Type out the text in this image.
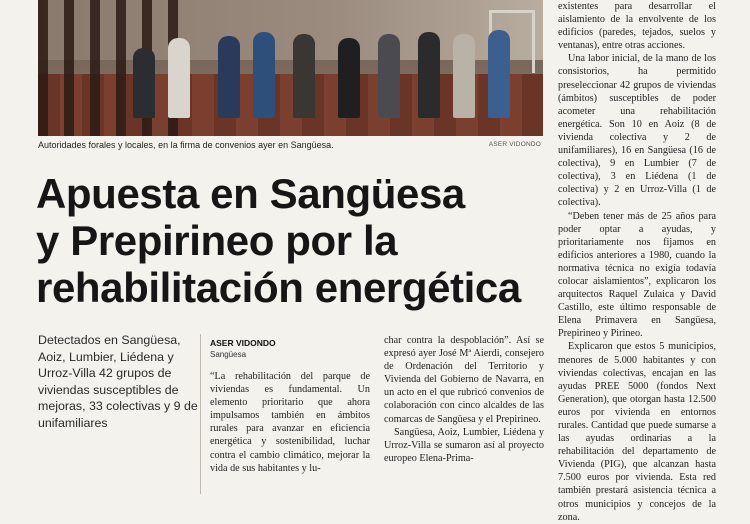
Autoridades forales y locales, en la firma de convenios ayer en Sangüesa.	ASER VIDONDO
Apuesta en Sangüesa
y Prepirineo por la
rehabilitación energética
Detectados en Sangüesa, Aoiz, Lumbier, Liédena y Urroz-Villa 42 grupos de viviendas susceptibles de mejoras, 33 colectivas y 9 de unifamiliares
ASER VIDONDO
Sangüesa

“La rehabilitación del parque de viviendas es fundamental. Un elemento prioritario que ahora impulsamos también en ámbitos rurales para avanzar en eficiencia energética y sostenibilidad, luchar contra el cambio climático, mejorar la vida de sus habitantes y lu-

char contra la despoblación”. Así se expresó ayer José Mª Aierdi, consejero de Ordenación del Territorio y Vivienda del Gobierno de Navarra, en un acto en el que rubricó convenios de colaboración con cinco alcaldes de las comarcas de Sangüesa y el Prepirineo.

Sangüesa, Aoiz, Lumbier, Liédena y Urroz-Villa se sumaron así al proyecto europeo Elena-Prima-

existentes para desarrollar el aislamiento de la envolvente de los edificios (paredes, tejados, suelos y ventanas), entre otras acciones.

Una labor inicial, de la mano de los consistorios, ha permitido preseleccionar 42 grupos de viviendas (ámbitos) susceptibles de poder acometer una rehabilitación energética. Son 10 en Aoiz (8 de vivienda colectiva y 2 de unifamiliares), 16 en Sangüesa (16 de colectiva), 9 en Lumbier (7 de colectiva), 3 en Liédena (1 de colectiva) y 2 en Urroz-Villa (1 de colectiva).

“Deben tener más de 25 años para poder optar a ayudas, y prioritariamente nos fijamos en edificios anteriores a 1980, cuando la normativa técnica no exigía todavía colocar aislamientos”, explicaron los arquitectos Raquel Zulaica y David Castillo, este último responsable de Elena Primavera en Sangüesa, Prepirineo y Pirineo.

Explicaron que estos 5 municipios, menores de 5.000 habitantes y con viviendas colectivas, encajan en las ayudas PREE 5000 (fondos Next Generation), que otorgan hasta 12.500 euros por vivienda en entornos rurales. Cantidad que puede sumarse a las ayudas ordinarias a la rehabilitación del departamento de Vivienda (PIG), que alcanzan hasta 7.500 euros por vivienda. Esta red también prestará asistencia técnica a otros municipios y concejos de la zona.
